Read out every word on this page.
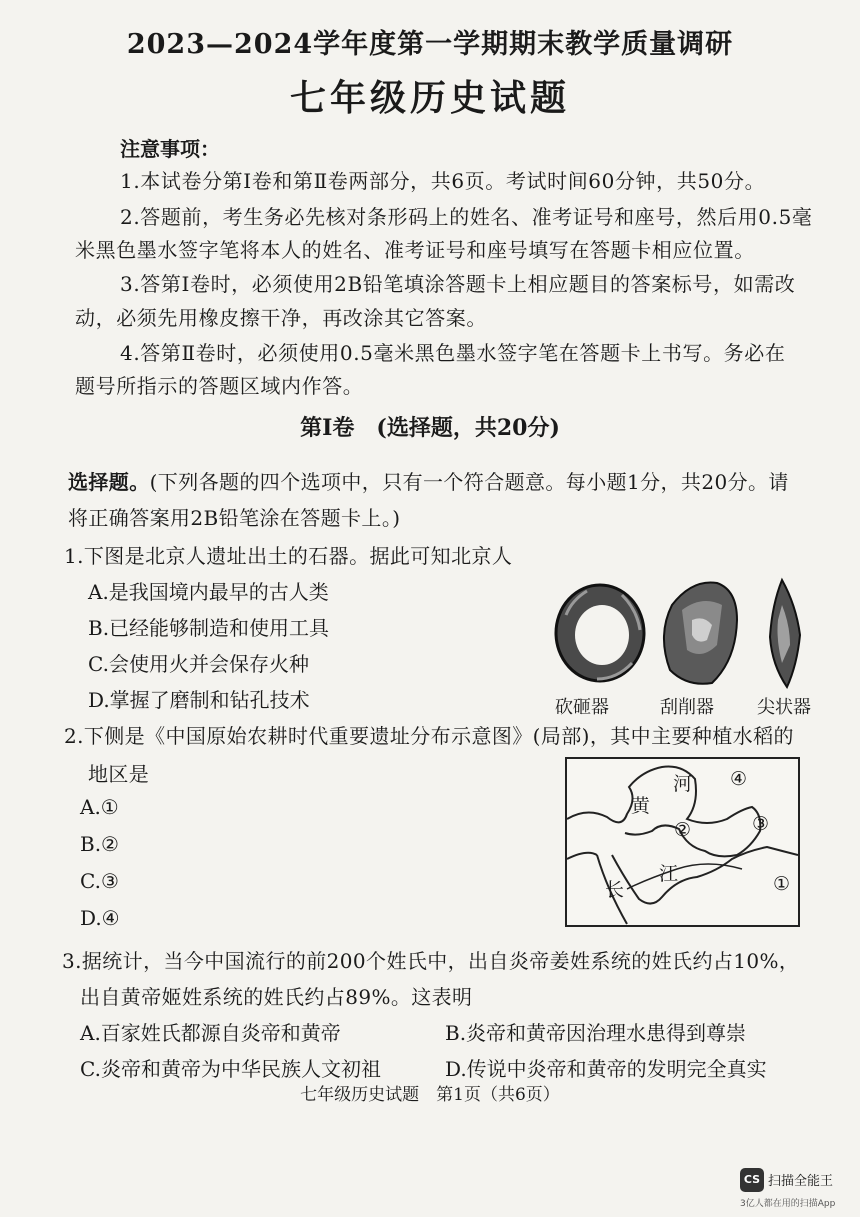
2023—2024学年度第一学期期末教学质量调研
七年级历史试题
注意事项：
1.本试卷分第Ⅰ卷和第Ⅱ卷两部分，共6页。考试时间60分钟，共50分。
2.答题前，考生务必先核对条形码上的姓名、准考证号和座号，然后用0.5毫
米黑色墨水签字笔将本人的姓名、准考证号和座号填写在答题卡相应位置。
3.答第Ⅰ卷时，必须使用2B铅笔填涂答题卡上相应题目的答案标号，如需改
动，必须先用橡皮擦干净，再改涂其它答案。
4.答第Ⅱ卷时，必须使用0.5毫米黑色墨水签字笔在答题卡上书写。务必在
题号所指示的答题区域内作答。
第Ⅰ卷　(选择题，共20分)
选择题。(下列各题的四个选项中，只有一个符合题意。每小题1分，共20分。请
将正确答案用2B铅笔涂在答题卡上。)
1.下图是北京人遗址出土的石器。据此可知北京人
A.是我国境内最早的古人类
B.已经能够制造和使用工具
C.会使用火并会保存火种
D.掌握了磨制和钻孔技术	砍砸器	刮削器 尖状器
2.下侧是《中国原始农耕时代重要遗址分布示意图》(局部)，其中主要种植水稻的
地区是
A.①
B.②
C.③
D.④
河
黄
长
江	①
②	③
④
3.据统计，当今中国流行的前200个姓氏中，出自炎帝姜姓系统的姓氏约占10%，
出自黄帝姬姓系统的姓氏约占89%。这表明
A.百家姓氏都源自炎帝和黄帝	B.炎帝和黄帝因治理水患得到尊崇
C.炎帝和黄帝为中华民族人文初祖	D.传说中炎帝和黄帝的发明完全真实
七年级历史试题　第1页（共6页）
CS 扫描全能王
3亿人都在用的扫描App
